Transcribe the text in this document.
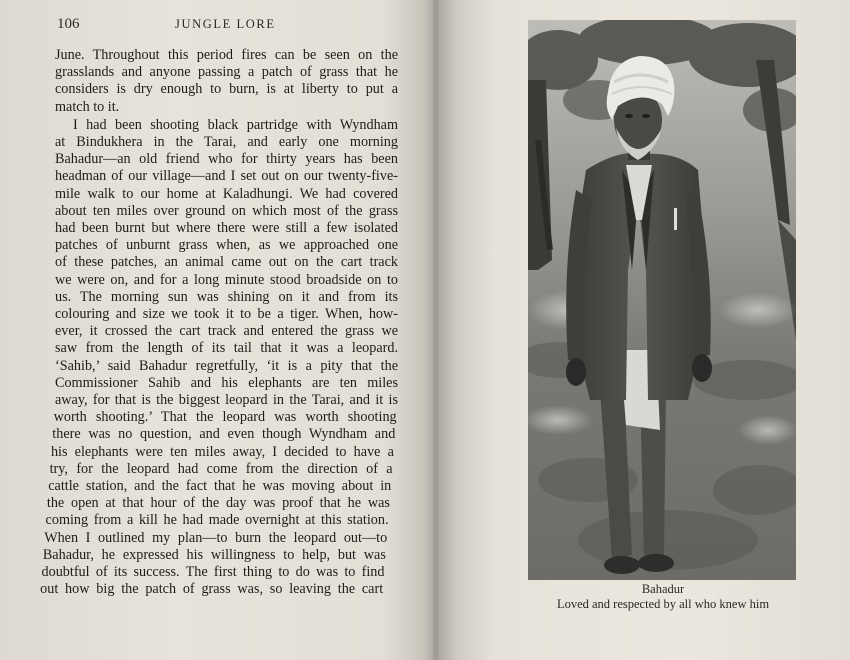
106	JUNGLE LORE
June. Throughout this period fires can be seen on the
grasslands and anyone passing a patch of grass that he
considers is dry enough to burn, is at liberty to put a
match to it.
I had been shooting black partridge with Wyndham
at Bindukhera in the Tarai, and early one morning
Bahadur—an old friend who for thirty years has been
headman of our village—and I set out on our twenty-five-
mile walk to our home at Kaladhungi. We had covered
about ten miles over ground on which most of the grass
had been burnt but where there were still a few isolated
patches of unburnt grass when, as we approached one
of these patches, an animal came out on the cart track
we were on, and for a long minute stood broadside on to
us. The morning sun was shining on it and from its
colouring and size we took it to be a tiger. When, how-
ever, it crossed the cart track and entered the grass we
saw from the length of its tail that it was a leopard.
‘Sahib,’ said Bahadur regretfully, ‘it is a pity that the
Commissioner Sahib and his elephants are ten miles
away, for that is the biggest leopard in the Tarai, and it is
worth shooting.’ That the leopard was worth shooting
there was no question, and even though Wyndham and
his elephants were ten miles away, I decided to have a
try, for the leopard had come from the direction of a
cattle station, and the fact that he was moving about in
the open at that hour of the day was proof that he was
coming from a kill he had made overnight at this station.
When I outlined my plan—to burn the leopard out—to
Bahadur, he expressed his willingness to help, but was
doubtful of its success. The first thing to do was to find
out how big the patch of grass was, so leaving the cart	Bahadur
Loved and respected by all who knew him
